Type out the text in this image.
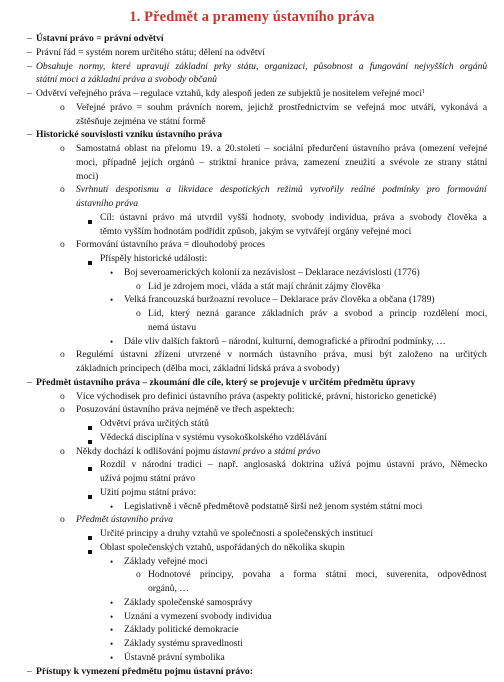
1. Předmět a prameny ústavního práva
– Ústavní právo = právní odvětví
– Právní řád = systém norem určitého státu; dělení na odvětví
– Obsahuje normy, které upravují základní prky státu, organizaci, působnost a fungování nejvyšších orgánů
státní moci a základní práva a svobody občanů
– Odvětví veřejného práva – regulace vztahů, kdy alespoň jeden ze subjektů je nositelem veřejné moci$^1$
o Veřejné právo = souhm právních norem, jejichž prostřednictvím se veřejná moc utváří, vykonává a
zštěsňuje zejména ve státní formě
– Historické souvislosti vzniku ústavního práva
o Samostatná oblast na přelomu 19. a 20.století – sociální předurčení ústavního práva (omezení veřejné
moci, případně jejích orgánů – striktní hranice práva, zamezení zneužití a svévole ze strany státní
moci)
o Svrhnutí despotismu a likvidace despotických režimů vytvořily reálné podmínky pro formování
ústavního práva
Cíl: ústavní právo má utvrdil vyšší hodnoty, svobody individua, práva a svobody člověka a
těmto vyšším hodnotám podřídit způsob, jakým se vytvářejí orgány veřejné moci
o Formování ústavního práva = dlouhodobý proces
Příspěly historické události:
• Boj severoamerických kolonií za nezávislost – Deklarace nezávislosti (1776)
o Lid je zdrojem moci, vláda a stát mají chránit zájmy člověka
• Velká francouzská buržoazní revoluce – Deklarace práv člověka a občana (1789)
o Lid, který nezná garance základních práv a svobod a princip rozdělení moci,
nemá ústavu
• Dále vliv dalších faktorů – národní, kulturní, demografické a přírodní podmínky, …
o Regulémí ústavní zřízení utvrzené v normách ústavního práva, musí být založeno na určitých
základních principech (dělba moci, základní lidská práva a svobody)
– Předmět ústavního práva – zkoumání dle cíle, který se projevuje v určitém předmětu úpravy
o Více východisek pro definici ústavního práva (aspekty politické, právní, historicko genetické)
o Posuzování ústavního práva nejméně ve třech aspektech:
Odvětví práva určitých států
Vědecká disciplína v systému vysokoškolského vzdělávání
o Někdy dochází k odlišování pojmu ústavní právo a státní právo
Rozdíl v národní tradici – např. anglosaská doktrina užívá pojmu ústavní právo, Německo
užívá pojmu státní právo
Užití pojmu státní právo:
• Legislativně i věcně předmětově podstatně širší než jenom systém státní moci
o Předmět ústavního práva
Určité principy a druhy vztahů ve společnosti a společenských institucí
Oblast společenských vztahů, uspořádaných do několika skupin
• Základy veřejné moci
o Hodnotové principy, povaha a forma státní moci, suverenita, odpovědnost
orgánů, …
• Základy společenské samosprávy
• Uznání a vymezení svobody individua
• Základy politické demokracie
• Základy systému spravedlnosti
• Ústavně právní symbolika
– Přístupy k vymezení předmětu pojmu ústavní právo:
